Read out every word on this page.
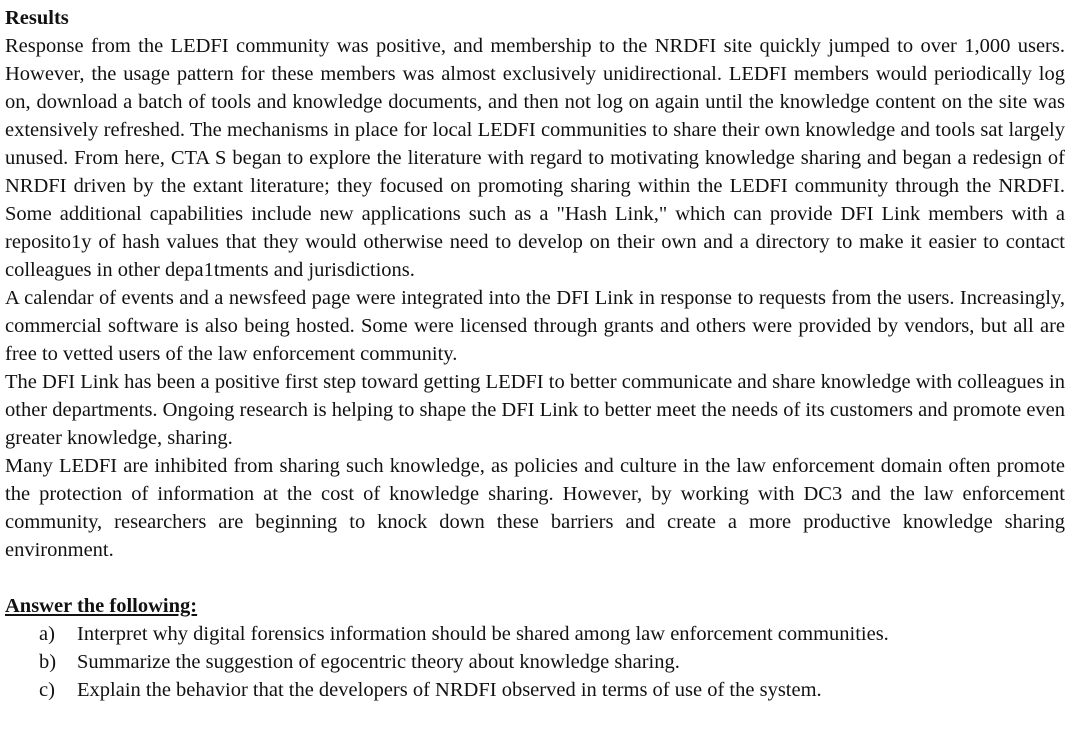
Results

Response from the LEDFI community was positive, and membership to the NRDFI site quickly jumped to over 1,000 users. However, the usage pattern for these members was almost exclusively unidirectional. LEDFI members would periodically log on, download a batch of tools and knowledge documents, and then not log on again until the knowledge content on the site was extensively refreshed. The mechanisms in place for local LEDFI communities to share their own knowledge and tools sat largely unused. From here, CTA S began to explore the literature with regard to motivating knowledge sharing and began a redesign of NRDFI driven by the extant literature; they focused on promoting sharing within the LEDFI community through the NRDFI. Some additional capabilities include new applications such as a "Hash Link," which can provide DFI Link members with a reposito1y of hash values that they would otherwise need to develop on their own and a directory to make it easier to contact colleagues in other depa1tments and jurisdictions.

A calendar of events and a newsfeed page were integrated into the DFI Link in response to requests from the users. Increasingly, commercial software is also being hosted. Some were licensed through grants and others were provided by vendors, but all are free to vetted users of the law enforcement community.

The DFI Link has been a positive first step toward getting LEDFI to better communicate and share knowledge with colleagues in other departments. Ongoing research is helping to shape the DFI Link to better meet the needs of its customers and promote even greater knowledge, sharing.

Many LEDFI are inhibited from sharing such knowledge, as policies and culture in the law enforcement domain often promote the protection of information at the cost of knowledge sharing. However, by working with DC3 and the law enforcement community, researchers are beginning to knock down these barriers and create a more productive knowledge sharing environment.

Answer the following:

a)	Interpret why digital forensics information should be shared among law enforcement communities.
b)	Summarize the suggestion of egocentric theory about knowledge sharing.
c)	Explain the behavior that the developers of NRDFI observed in terms of use of the system.
